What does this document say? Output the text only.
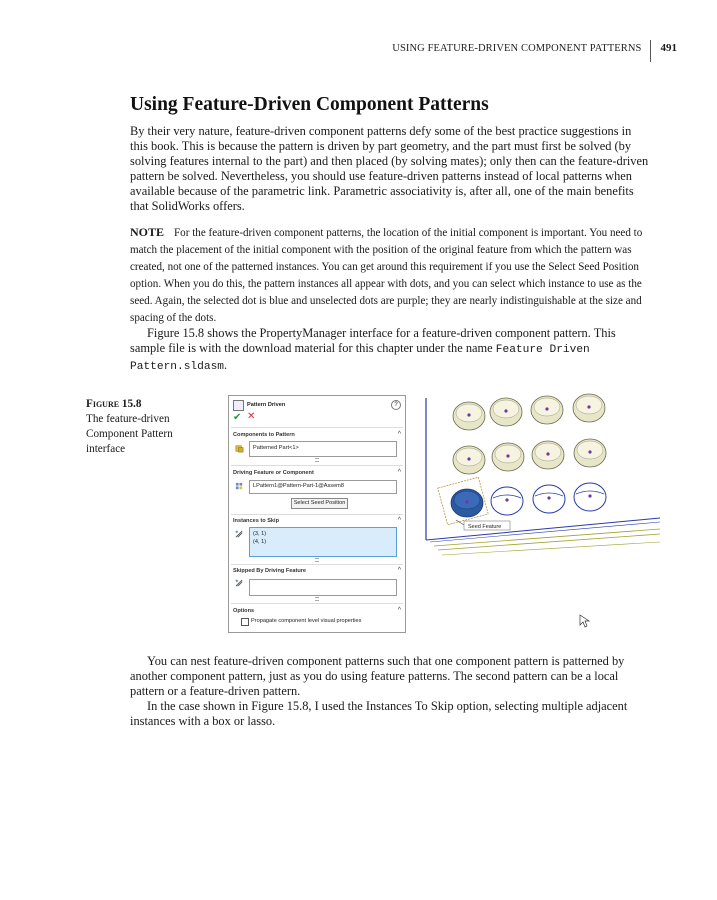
USING FEATURE-DRIVEN COMPONENT PATTERNS	491
Using Feature-Driven Component Patterns

By their very nature, feature-driven component patterns defy some of the best practice suggestions in this book. This is because the pattern is driven by part geometry, and the part must first be solved (by solving features internal to the part) and then placed (by solving mates); only then can the feature-driven pattern be solved. Nevertheless, you should use feature-driven patterns instead of local patterns when available because of the parametric link. Parametric associativity is, after all, one of the main benefits that SolidWorks offers.

NOTE For the feature-driven component patterns, the location of the initial component is important. You need to match the placement of the initial component with the position of the original feature from which the pattern was created, not one of the patterned instances. You can get around this requirement if you use the Select Seed Position option. When you do this, the pattern instances all appear with dots, and you can select which instance to use as the seed. Again, the selected dot is blue and unselected dots are purple; they are nearly indistinguishable at the size and spacing of the dots.

Figure 15.8 shows the PropertyManager interface for a feature-driven component pattern. This sample file is with the download material for this chapter under the name Feature Driven Pattern.sldasm.

Figure 15.8
The feature-driven Component Pattern interface
Pattern Driven	?
✔ ✕
Components to Pattern	^
Patterned Part<1>
Driving Feature or Component	^
LPattern1@Pattern-Part-1@Assem8
Select Seed Position
Instances to Skip	^
(3, 1)
(4, 1)
Skipped By Driving Feature	^
Options	^
Propagate component level visual properties
Seed Feature

You can nest feature-driven component patterns such that one component pattern is patterned by another component pattern, just as you do using feature patterns. The second pattern can be a local pattern or a feature-driven pattern.

In the case shown in Figure 15.8, I used the Instances To Skip option, selecting multiple adjacent instances with a box or lasso.
